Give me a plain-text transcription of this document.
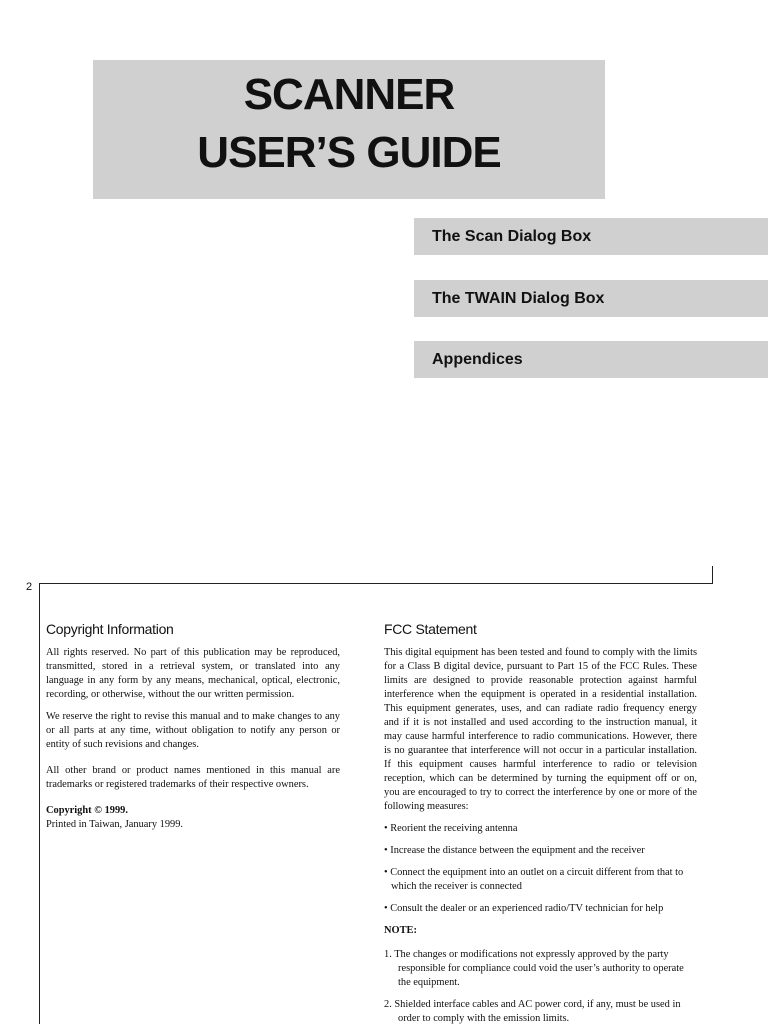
SCANNER
USER’S GUIDE
The Scan Dialog Box
The TWAIN Dialog Box
Appendices
2
Copyright Information

All rights reserved. No part of this publication may be reproduced, transmitted, stored in a retrieval system, or translated into any language in any form by any means, mechanical, optical, electronic, recording, or otherwise, without the our written permission.

We reserve the right to revise this manual and to make changes to any or all parts at any time, without obligation to notify any person or entity of such revisions and changes.

All other brand or product names mentioned in this manual are trademarks or registered trademarks of their respective owners.

Copyright © 1999.
Printed in Taiwan, January 1999.
FCC Statement

This digital equipment has been tested and found to comply with the limits for a Class B digital device, pursuant to Part 15 of the FCC Rules. These limits are designed to provide reasonable protection against harmful interference when the equipment is operated in a residential installation. This equipment generates, uses, and can radiate radio frequency energy and if it is not installed and used according to the instruction manual, it may cause harmful interference to radio communications. However, there is no guarantee that interference will not occur in a particular installation. If this equipment causes harmful interference to radio or television reception, which can be determined by turning the equipment off or on, you are encouraged to try to correct the interference by one or more of the following measures:

• Reorient the receiving antenna

• Increase the distance between the equipment and the receiver

• Connect the equipment into an outlet on a circuit different from that to which the receiver is connected

• Consult the dealer or an experienced radio/TV technician for help

NOTE:

1. The changes or modifications not expressly approved by the party responsible for compliance could void the user’s authority to operate the equipment.

2. Shielded interface cables and AC power cord, if any, must be used in order to comply with the emission limits.
